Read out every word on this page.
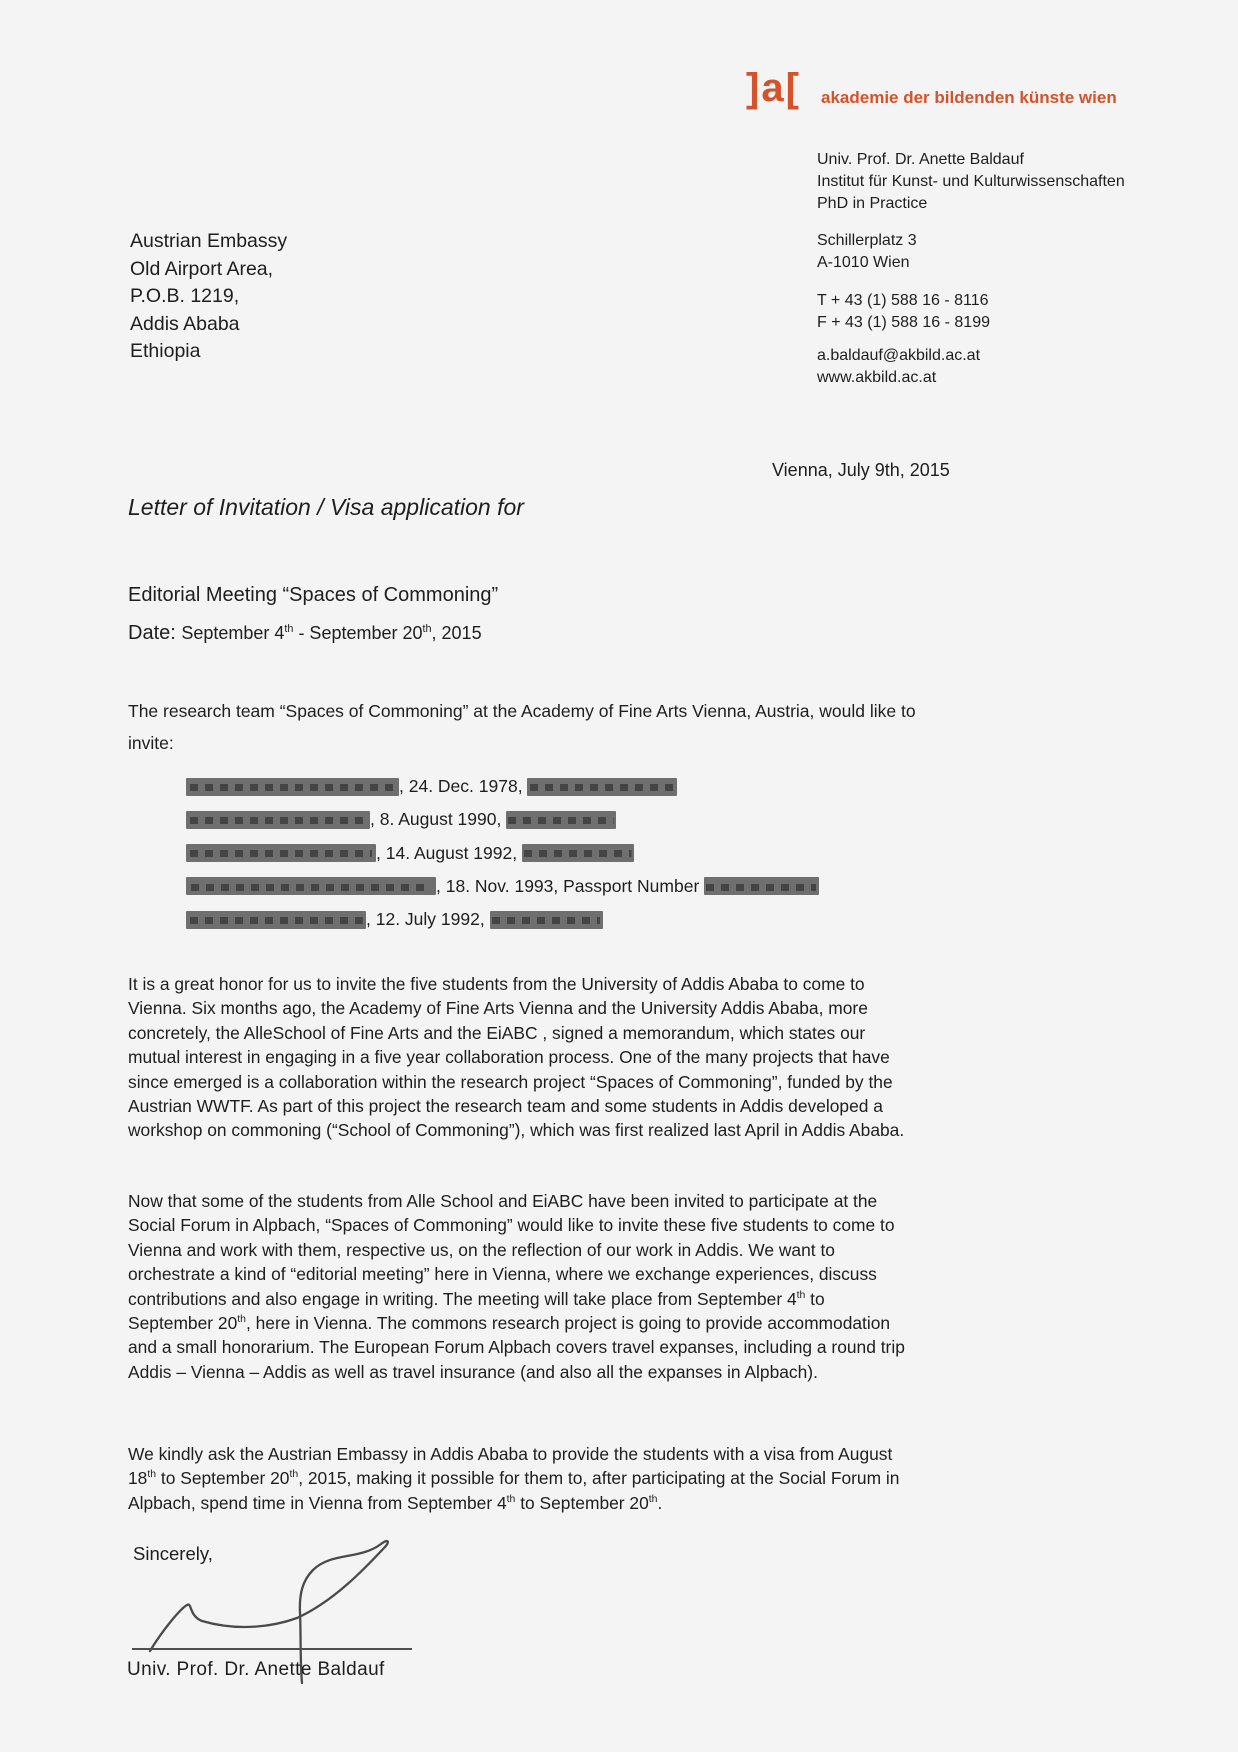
]a[ akademie der bildenden künste wien
Univ. Prof. Dr. Anette Baldauf
Institut für Kunst- und Kulturwissenschaften
PhD in Practice
Schillerplatz 3
A-1010 Wien
T + 43 (1) 588 16 - 8116
F + 43 (1) 588 16 - 8199
a.baldauf@akbild.ac.at
www.akbild.ac.at
Austrian Embassy
Old Airport Area,
P.O.B. 1219,
Addis Ababa
Ethiopia
Vienna, July 9th, 2015
Letter of Invitation / Visa application for
Editorial Meeting “Spaces of Commoning”
Date: September 4th - September 20th, 2015
The research team “Spaces of Commoning” at the Academy of Fine Arts Vienna, Austria, would like to invite:
, 24. Dec. 1978,
, 8. August 1990,
, 14. August 1992,
, 18. Nov. 1993, Passport Number
, 12. July 1992,
It is a great honor for us to invite the five students from the University of Addis Ababa to come to Vienna. Six months ago, the Academy of Fine Arts Vienna and the University Addis Ababa, more concretely, the AlleSchool of Fine Arts and the EiABC , signed a memorandum, which states our mutual interest in engaging in a five year collaboration process. One of the many projects that have since emerged is a collaboration within the research project “Spaces of Commoning”, funded by the Austrian WWTF. As part of this project the research team and some students in Addis developed a workshop on commoning (“School of Commoning”), which was first realized last April in Addis Ababa.
Now that some of the students from Alle School and EiABC have been invited to participate at the Social Forum in Alpbach, “Spaces of Commoning” would like to invite these five students to come to Vienna and work with them, respective us, on the reflection of our work in Addis. We want to orchestrate a kind of “editorial meeting” here in Vienna, where we exchange experiences, discuss contributions and also engage in writing. The meeting will take place from September 4th to September 20th, here in Vienna. The commons research project is going to provide accommodation and a small honorarium. The European Forum Alpbach covers travel expanses, including a round trip Addis – Vienna – Addis as well as travel insurance (and also all the expanses in Alpbach).
We kindly ask the Austrian Embassy in Addis Ababa to provide the students with a visa from August 18th to September 20th, 2015, making it possible for them to, after participating at the Social Forum in Alpbach, spend time in Vienna from September 4th to September 20th.
Sincerely,
Univ. Prof. Dr. Anette Baldauf
